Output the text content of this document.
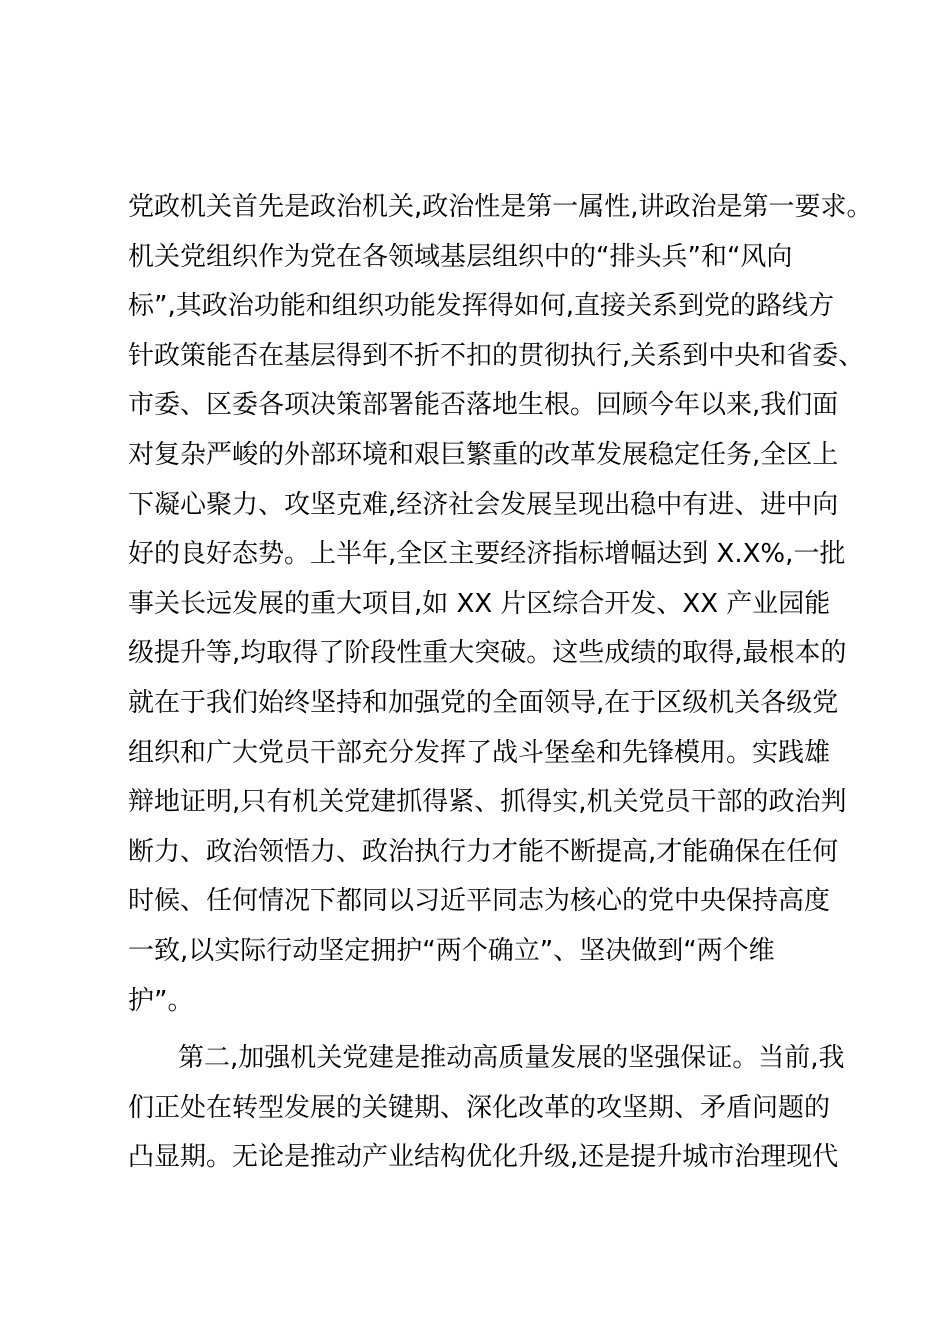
党政机关首先是政治机关,政治性是第一属性,讲政治是第一要求。
机关党组织作为党在各领域基层组织中的“排头兵”和“风向
标”,其政治功能和组织功能发挥得如何,直接关系到党的路线方
针政策能否在基层得到不折不扣的贯彻执行,关系到中央和省委、
市委、区委各项决策部署能否落地生根。回顾今年以来,我们面
对复杂严峻的外部环境和艰巨繁重的改革发展稳定任务,全区上
下凝心聚力、攻坚克难,经济社会发展呈现出稳中有进、进中向
好的良好态势。上半年,全区主要经济指标增幅达到 X.X%,一批
事关长远发展的重大项目,如 XX 片区综合开发、XX 产业园能
级提升等,均取得了阶段性重大突破。这些成绩的取得,最根本的
就在于我们始终坚持和加强党的全面领导,在于区级机关各级党
组织和广大党员干部充分发挥了战斗堡垒和先锋模用。实践雄
辩地证明,只有机关党建抓得紧、抓得实,机关党员干部的政治判
断力、政治领悟力、政治执行力才能不断提高,才能确保在任何
时候、任何情况下都同以习近平同志为核心的党中央保持高度
一致,以实际行动坚定拥护“两个确立”、坚决做到“两个维
护”。
第二,加强机关党建是推动高质量发展的坚强保证。当前,我
们正处在转型发展的关键期、深化改革的攻坚期、矛盾问题的
凸显期。无论是推动产业结构优化升级,还是提升城市治理现代
